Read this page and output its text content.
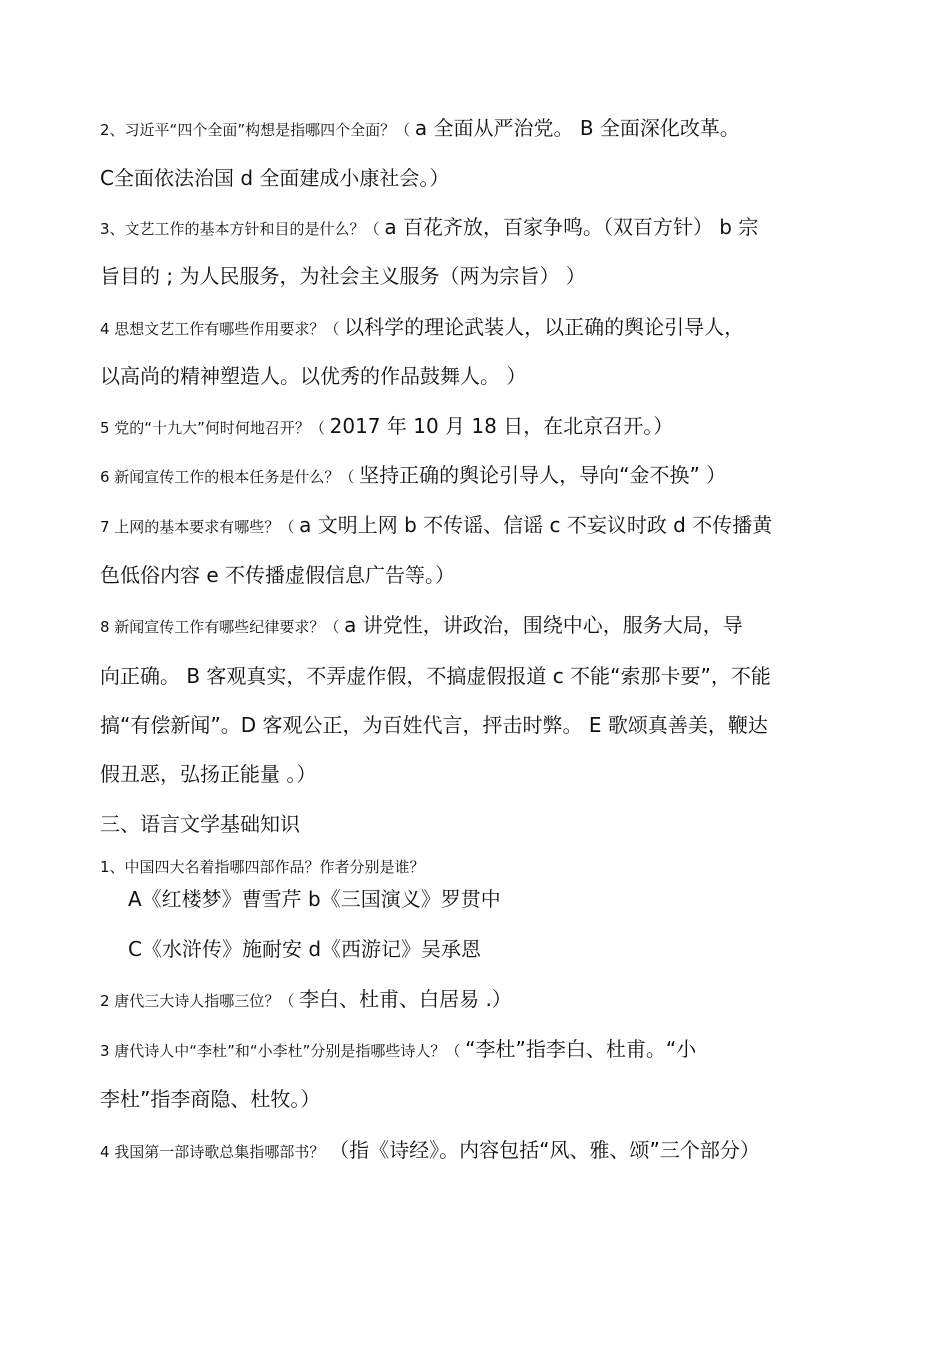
2、习近平“四个全面”构想是指哪四个全面？（ a 全面从严治党。 B 全面深化改革。
C全面依法治国 d 全面建成小康社会。）
3、文艺工作的基本方针和目的是什么？（ a 百花齐放，百家争鸣。（双百方针） b 宗
旨目的 ; 为人民服务，为社会主义服务（两为宗旨） ）
4 思想文艺工作有哪些作用要求？（ 以科学的理论武装人，以正确的舆论引导人，
以高尚的精神塑造人。以优秀的作品鼓舞人。 ）
5 党的“十九大”何时何地召开？（ 2017 年 10 月 18 日，在北京召开。）
6 新闻宣传工作的根本任务是什么？（ 坚持正确的舆论引导人，导向“金不换” ）
7 上网的基本要求有哪些？（ a 文明上网 b 不传谣、信谣 c 不妄议时政 d 不传播黄
色低俗内容 e 不传播虚假信息广告等。）
8 新闻宣传工作有哪些纪律要求？（ a 讲党性，讲政治，围绕中心，服务大局，导
向正确。 B 客观真实，不弄虚作假，不搞虚假报道 c 不能“索那卡要”，不能
搞“有偿新闻”。D 客观公正，为百姓代言，抨击时弊。 E 歌颂真善美，鞭达
假丑恶，弘扬正能量 。）
三、语言文学基础知识
1、中国四大名着指哪四部作品？作者分别是谁？
A《红楼梦》曹雪芹 b《三国演义》罗贯中
C《水浒传》施耐安 d《西游记》吴承恩
2 唐代三大诗人指哪三位？（ 李白、杜甫、白居易 .）
3 唐代诗人中“李杜”和“小李杜”分别是指哪些诗人？（ “李杜”指李白、杜甫。“小
李杜”指李商隐、杜牧。）
4 我国第一部诗歌总集指哪部书？ （指《诗经》。内容包括“风、雅、颂”三个部分）
